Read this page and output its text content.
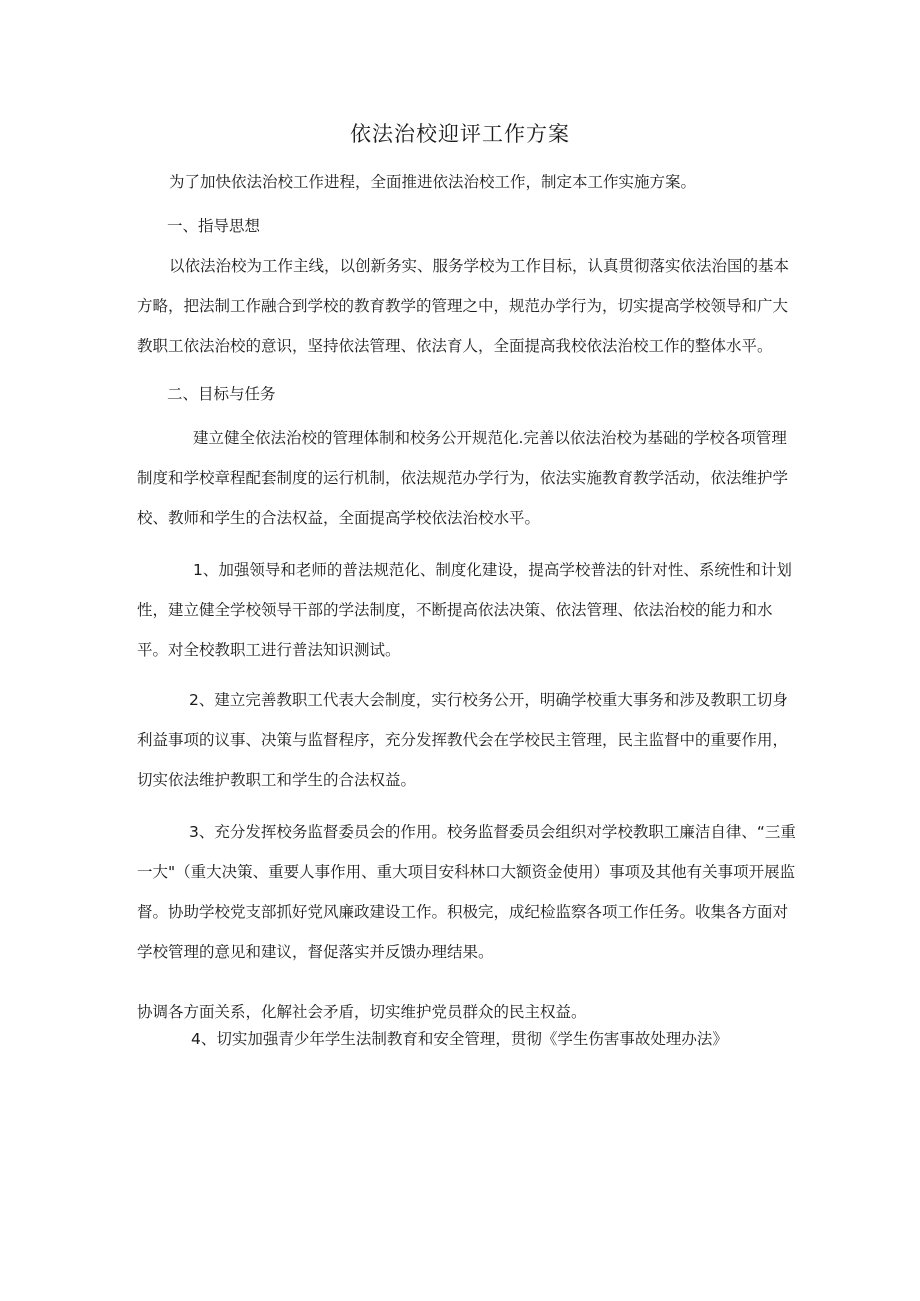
依法治校迎评工作方案

为了加快依法治校工作进程，全面推进依法治校工作，制定本工作实施方案。

一、指导思想

以依法治校为工作主线，以创新务实、服务学校为工作目标，认真贯彻落实依法治国的基本方略，把法制工作融合到学校的教育教学的管理之中，规范办学行为，切实提高学校领导和广大教职工依法治校的意识，坚持依法管理、依法育人，全面提高我校依法治校工作的整体水平。

二、目标与任务

建立健全依法治校的管理体制和校务公开规范化.完善以依法治校为基础的学校各项管理制度和学校章程配套制度的运行机制，依法规范办学行为，依法实施教育教学活动，依法维护学校、教师和学生的合法权益，全面提高学校依法治校水平。

1、加强领导和老师的普法规范化、制度化建设，提高学校普法的针对性、系统性和计划性，建立健全学校领导干部的学法制度，不断提高依法决策、依法管理、依法治校的能力和水平。对全校教职工进行普法知识测试。

2、建立完善教职工代表大会制度，实行校务公开，明确学校重大事务和涉及教职工切身利益事项的议事、决策与监督程序，充分发挥教代会在学校民主管理，民主监督中的重要作用，切实依法维护教职工和学生的合法权益。

3、充分发挥校务监督委员会的作用。校务监督委员会组织对学校教职工廉洁自律、“三重一大"（重大决策、重要人事作用、重大项目安科林口大额资金使用）事项及其他有关事项开展监督。协助学校党支部抓好党风廉政建设工作。积极完，成纪检监察各项工作任务。收集各方面对学校管理的意见和建议，督促落实并反馈办理结果。

协调各方面关系，化解社会矛盾，切实维护党员群众的民主权益。
4、切实加强青少年学生法制教育和安全管理，贯彻《学生伤害事故处理办法》
